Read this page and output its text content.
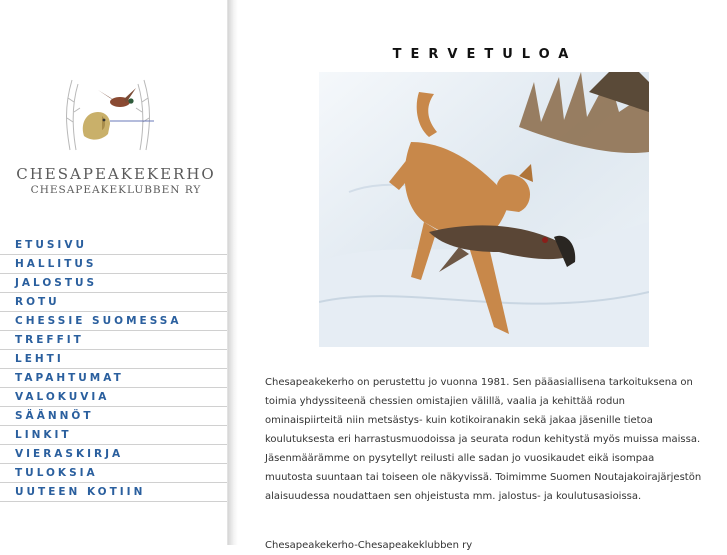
CHESAPEAKEKERHO
CHESAPEAKEKLUBBEN RY
ETUSIVU
HALLITUS
JALOSTUS
ROTU
CHESSIE SUOMESSA
TREFFIT
LEHTI
TAPAHTUMAT
VALOKUVIA
SÄÄNNÖT
LINKIT
VIERASKIRJA
TULOKSIA
UUTEEN KOTIIN
TERVETULOA

Chesapeakekerho on perustettu jo vuonna 1981. Sen pääasiallisena tarkoituksena on toimia yhdyssiteenä chessien omistajien välillä, vaalia ja kehittää rodun ominaispiirteitä niin metsästys- kuin kotikoiranakin sekä jakaa jäsenille tietoa koulutuksesta eri harrastusmuodoissa ja seurata rodun kehitystä myös muissa maissa. Jäsenmäärämme on pysytellyt reilusti alle sadan jo vuosikaudet eikä isompaa muutosta suuntaan tai toiseen ole näkyvissä. Toimimme Suomen Noutajakoirajärjestön alaisuudessa noudattaen sen ohjeistusta mm. jalostus- ja koulutusasioissa.

Chesapeakekerho-Chesapeakeklubben ry
